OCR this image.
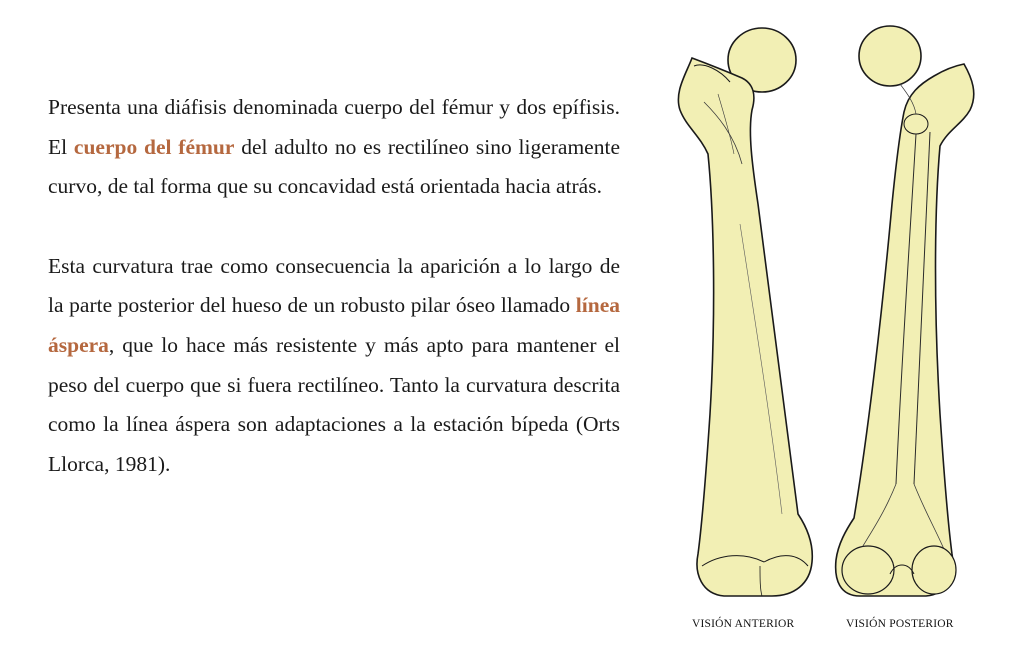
Presenta una diáfisis denominada cuerpo del fémur y dos epífisis. El cuerpo del fémur del adulto no es rectilíneo sino ligeramente curvo, de tal forma que su concavidad está orientada hacia atrás.

Esta curvatura trae como consecuencia la aparición a lo largo de la parte posterior del hueso de un robusto pilar óseo llamado línea áspera, que lo hace más resistente y más apto para mantener el peso del cuerpo que si fuera rectilíneo. Tanto la curvatura descrita como la línea áspera son adaptaciones a la estación bípeda (Orts Llorca, 1981).

VISIÓN ANTERIOR	VISIÓN POSTERIOR
